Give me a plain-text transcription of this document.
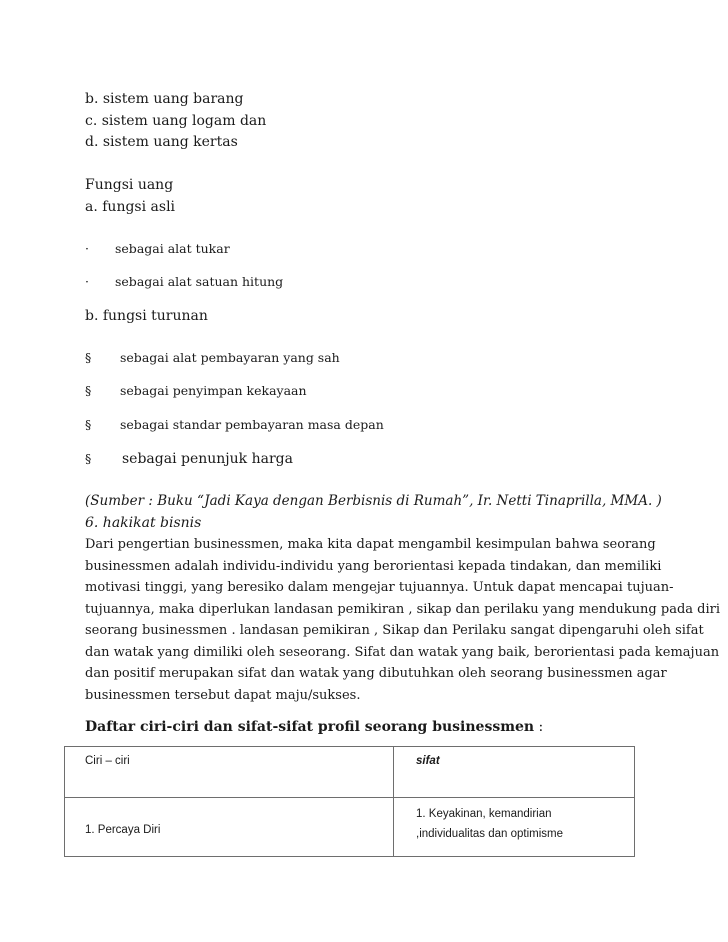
b. sistem uang barang
c. sistem uang logam dan
d. sistem uang kertas
Fungsi uang
a. fungsi asli
· sebagai alat tukar
· sebagai alat satuan hitung
b. fungsi turunan
§ sebagai alat pembayaran yang sah
§ sebagai penyimpan kekayaan
§ sebagai standar pembayaran masa depan
§ sebagai penunjuk harga
(Sumber : Buku “Jadi Kaya dengan Berbisnis di Rumah”, Ir. Netti Tinaprilla, MMA. )
6. hakikat bisnis
Dari pengertian businessmen, maka kita dapat mengambil kesimpulan bahwa seorang
businessmen adalah individu-individu yang berorientasi kepada tindakan, dan memiliki
motivasi tinggi, yang beresiko dalam mengejar tujuannya. Untuk dapat mencapai tujuan-
tujuannya, maka diperlukan landasan pemikiran , sikap dan perilaku yang mendukung pada diri
seorang businessmen . landasan pemikiran , Sikap dan Perilaku sangat dipengaruhi oleh sifat
dan watak yang dimiliki oleh seseorang. Sifat dan watak yang baik, berorientasi pada kemajuan
dan positif merupakan sifat dan watak yang dibutuhkan oleh seorang businessmen agar
businessmen tersebut dapat maju/sukses.
Daftar ciri-ciri dan sifat-sifat profil seorang businessmen :
Ciri – ciri	sifat

1. Percaya Diri	1. Keyakinan, kemandirian
,individualitas dan optimisme
